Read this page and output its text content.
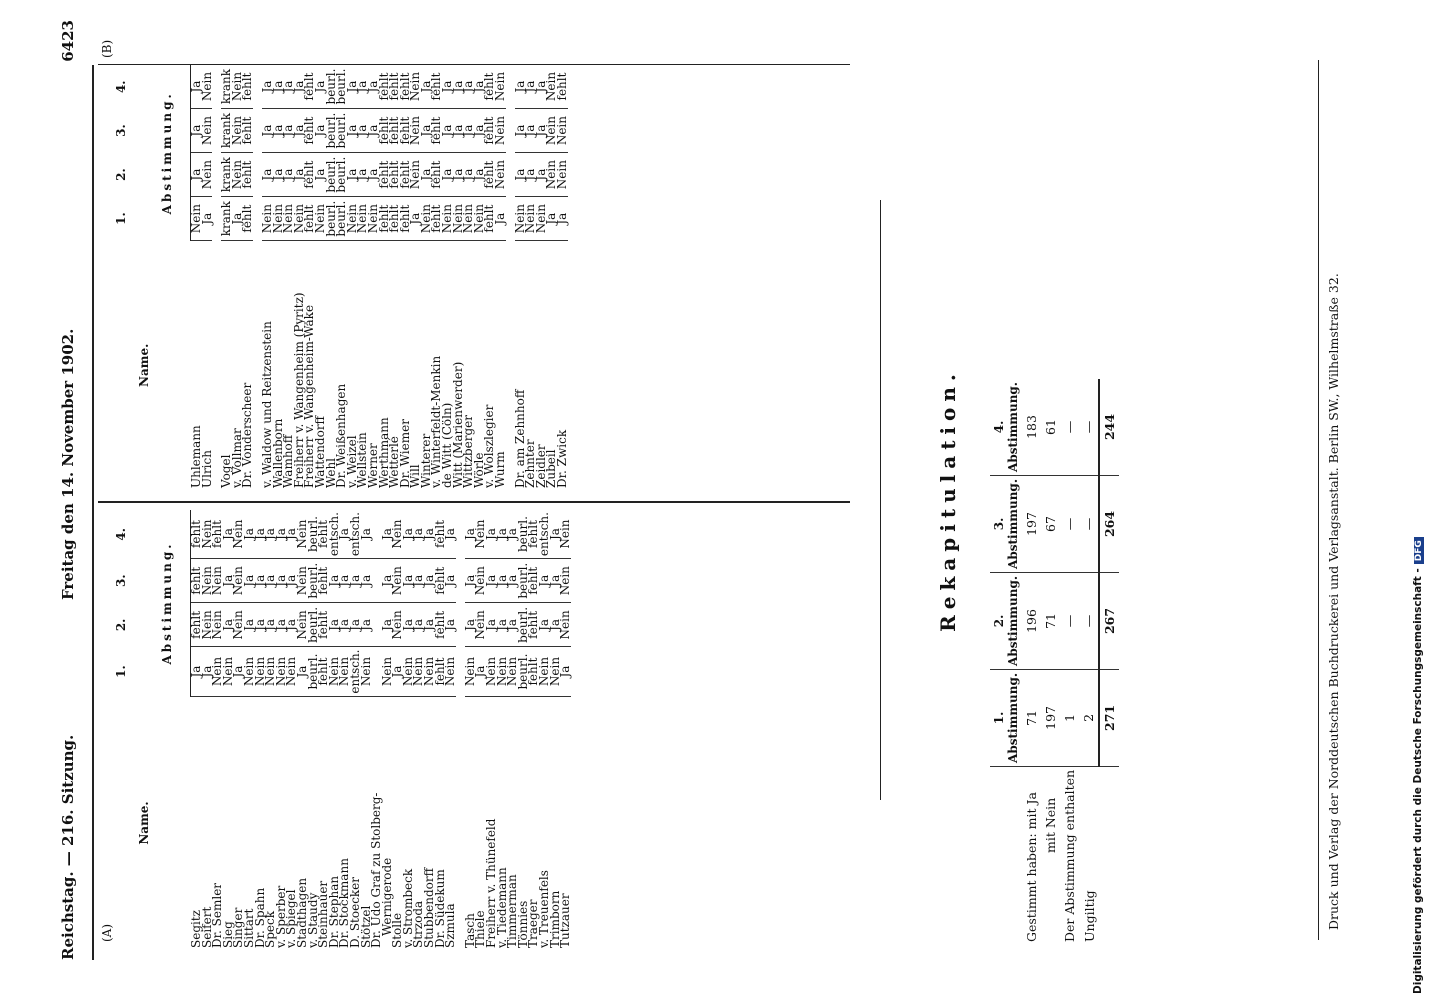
Reichstag. — 216. Sitzung.
Freitag den 14. November 1902.
6423
(A)
(B)
Name.	1.	2.	3.	4.
	Abstimmung.			
Segitz	Ja	fehlt	fehlt	fehlt
Seifert	Ja	Nein	Nein	Nein
Dr. Semler	Nein	Nein	Nein	fehlt
Sieg	Nein	Ja	Ja	Ja
Singer	Ja	Nein	Nein	Nein
Sittart	Nein	Ja	Ja	Ja
Dr. Spahn	Nein	Ja	Ja	Ja
Speck	Nein	Ja	Ja	Ja
v. Sperber	Nein	Ja	Ja	Ja
v. Spiegel	Nein	Ja	Ja	Ja
Stadthagen	Ja	Nein	Nein	Nein
v. Staudy	beurl.	beurl.	beurl.	beurl.
Steinhauer	fehlt	fehlt	fehlt	fehlt
Dr. Stephan	Nein	Ja	Ja	entsch.
Dr. Stockmann	Nein	Ja	Ja	Ja
D. Stoecker	entsch.	Ja	Ja	entsch.
Stötzel	Nein	Ja	Ja	Ja
Dr. Udo Graf zu Stolberg-				
Wernigerode	Nein	Ja	Ja	Ja
Stolle	Ja	Nein	Nein	Nein
v. Strombeck	Nein	Ja	Ja	Ja
Strzoda	Nein	Ja	Ja	Ja
Stubbendorff	Nein	Ja	Ja	Ja
Dr. Südekum	fehlt	fehlt	fehlt	fehlt
Szmula	Nein	Ja	Ja	Ja

Tasch	Nein	Ja	Ja	Ja
Thiele	Ja	Nein	Nein	Nein
Freiherr v. Thünefeld	Nein	Ja	Ja	Ja
v. Tiedemann	Nein	Ja	Ja	Ja
Timmerman	Nein	Ja	Ja	Ja
Tönnies	beurl.	beurl.	beurl.	beurl.
Traeger	fehlt	fehlt	fehlt	fehlt
v. Treuenfels	Nein	Ja	Ja	entsch.
Trimborn	Nein	Ja	Ja	Ja
Tutzauer	Ja	Nein	Nein	Nein
Name.	1.	2.	3.	4.
	Abstimmung.			
Uhlemann	Nein	Ja	Ja	Ja
Ulrich	Ja	Nein	Nein	Nein

Vogel	krank	krank	krank	krank
v. Vollmar	Ja	Nein	Nein	Nein
Dr. Vonderscheer	fehlt	fehlt	fehlt	fehlt

v. Waldow und Reitzenstein	Nein	Ja	Ja	Ja
Wallenborn	Nein	Ja	Ja	Ja
Wamhoff	Nein	Ja	Ja	Ja
Freiherr v. Wangenheim (Pyritz)	Nein	Ja	Ja	Ja
Freiherr v. Wangenheim-Wake	fehlt	fehlt	fehlt	fehlt
Wattendorff	Nein	Ja	Ja	Ja
Wehl	beurl.	beurl.	beurl.	beurl.
Dr. Weißenhagen	beurl.	beurl.	beurl.	beurl.
v. Weizel	Nein	Ja	Ja	Ja
Wellstein	Nein	Ja	Ja	Ja
Werner	Nein	Ja	Ja	Ja
Werthmann	fehlt	fehlt	fehlt	fehlt
Wetterlé	fehlt	fehlt	fehlt	fehlt
Dr. Wiemer	fehlt	fehlt	fehlt	fehlt
Will	Ja	Nein	Nein	Nein
Winterer	Nein	Ja	Ja	Ja
v. Winterfeldt-Menkin	fehlt	fehlt	fehlt	fehlt
de Witt (Cöln)	Nein	Ja	Ja	Ja
Witt (Marienwerder)	Nein	Ja	Ja	Ja
Wittzberger	Nein	Ja	Ja	Ja
Wörle	Nein	Ja	Ja	Ja
v. Wolszlegier	fehlt	fehlt	fehlt	fehlt
Wurm	Ja	Nein	Nein	Nein

Dr. am Zehnhoff	Nein	Ja	Ja	Ja
Zehnter	Nein	Ja	Ja	Ja
Zeidler	Nein	Ja	Ja	Ja
Zubeil	Ja	Nein	Nein	Nein
Dr. Zwick	Ja	Nein	Nein	fehlt
Rekapitulation.
	1.
Abstimmung.	2.
Abstimmung.	3.
Abstimmung.	4.
Abstimmung.
Gestimmt haben: mit Ja	71	196	197	183
mit Nein	197	71	67	61
Der Abstimmung enthalten	1	—	—	—
Ungiltig	2	—	—	—
	271	267	264	244	Druck und Verlag der Norddeutschen Buchdruckerei und Verlagsanstalt. Berlin SW., Wilhelmstraße 32.	Digitalisierung gefördert durch die Deutsche Forschungsgemeinschaft -DFG
